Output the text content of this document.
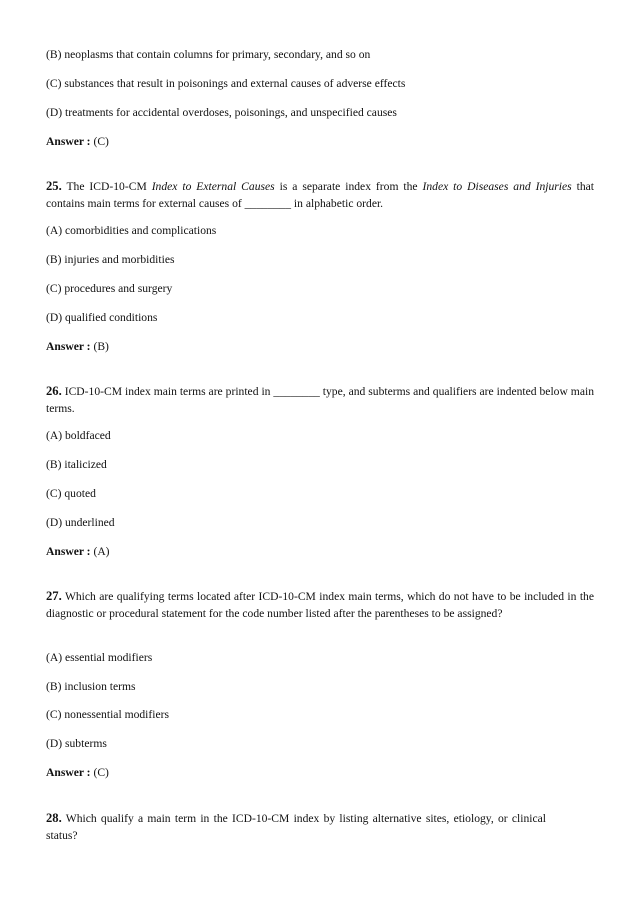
(B) neoplasms that contain columns for primary, secondary, and so on
(C) substances that result in poisonings and external causes of adverse effects
(D) treatments for accidental overdoses, poisonings, and unspecified causes
Answer : (C)
25. The ICD-10-CM Index to External Causes is a separate index from the Index to Diseases and Injuries that contains main terms for external causes of ________ in alphabetic order.
(A) comorbidities and complications
(B) injuries and morbidities
(C) procedures and surgery
(D) qualified conditions
Answer : (B)
26. ICD-10-CM index main terms are printed in ________ type, and subterms and qualifiers are indented below main terms.
(A) boldfaced
(B) italicized
(C) quoted
(D) underlined
Answer : (A)
27. Which are qualifying terms located after ICD-10-CM index main terms, which do not have to be included in the diagnostic or procedural statement for the code number listed after the parentheses to be assigned?
(A) essential modifiers
(B) inclusion terms
(C) nonessential modifiers
(D) subterms
Answer : (C)
28. Which qualify a main term in the ICD-10-CM index by listing alternative sites, etiology, or clinical status?
